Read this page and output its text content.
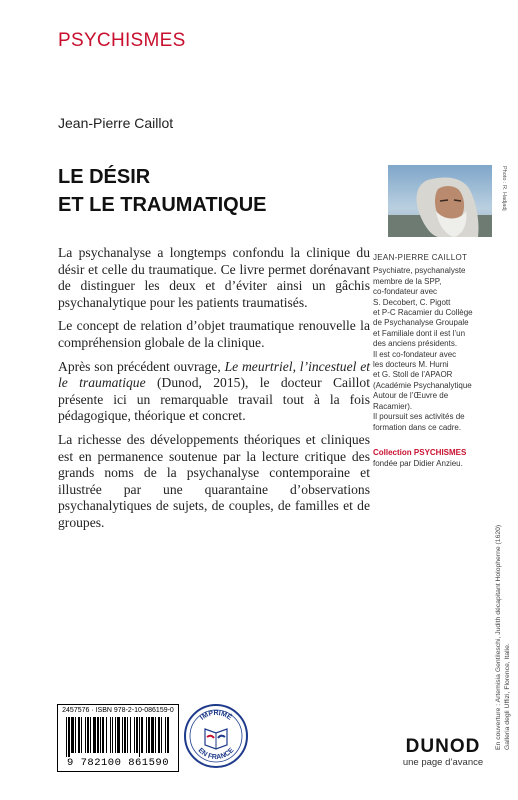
PSYCHISMES
Jean-Pierre Caillot
LE DÉSIR
ET LE TRAUMATIQUE

La psychanalyse a longtemps confondu la clinique du désir et celle du traumatique. Ce livre permet dorénavant de distinguer les deux et d’éviter ainsi un gâchis psychanalytique pour les patients traumatisés.

Le concept de relation d’objet traumatique renouvelle la compréhension globale de la clinique.

Après son précédent ouvrage, Le meurtriel, l’incestuel et le traumatique (Dunod, 2015), le docteur Caillot présente ici un remarquable travail tout à la fois pédagogique, théorique et concret.

La richesse des développements théoriques et cliniques est en permanence soutenue par la lecture critique des grands noms de la psychanalyse contemporaine et illustrée par une quarantaine d’observations psychanalytiques de sujets, de couples, de familles et de groupes.

Photo : R. Hadjadj
JEAN-PIERRE CAILLOT
Psychiatre, psychanalyste
membre de la SPP,
co-fondateur avec
S. Decobert, C. Pigott
et P-C Racamier du Collège
de Psychanalyse Groupale
et Familiale dont il est l’un
des anciens présidents.
Il est co-fondateur avec
les docteurs M. Hurni
et G. Stoll de l’APAOR
(Académie Psychanalytique
Autour de l’Œuvre de
Racamier).
Il poursuit ses activités de
formation dans ce cadre.
Collection PSYCHISMES
fondée par Didier Anzieu.
En couverture : Artemisia Gentileschi, Judith décapitant Holopherne (1620) Galleria degli Uffizi, Florence, Italie.
2457576 · ISBN 978-2-10-086159-0
9 782100 861590
IMPRIMÉ
EN FRANCE	DUNOD
une page d’avance
